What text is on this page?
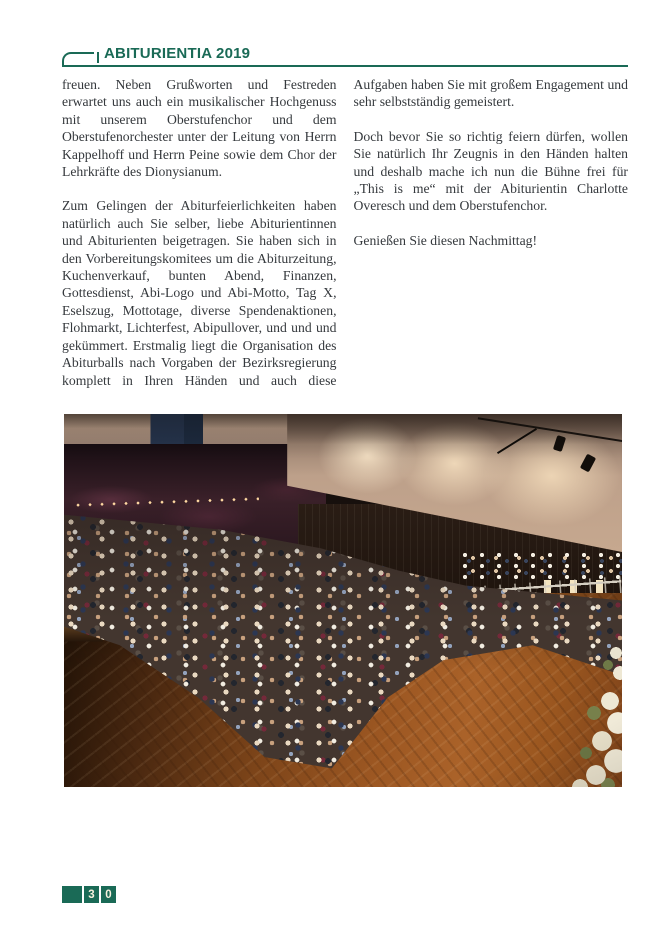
ABITURIENTIA 2019

freuen. Neben Grußworten und Festreden erwartet uns auch ein musikalischer Hochgenuss mit unserem Oberstufenchor und dem Oberstufenorchester unter der Leitung von Herrn Kappelhoff und Herrn Peine sowie dem Chor der Lehrkräfte des Dionysianum.

Zum Gelingen der Abiturfeierlichkeiten haben natürlich auch Sie selber, liebe Abiturientinnen und Abiturienten beigetragen. Sie haben sich in den Vorbereitungskomitees um die Abiturzeitung, Kuchenverkauf, bunten Abend, Finanzen, Gottesdienst, Abi-Logo und Abi-Motto, Tag X, Eselszug, Mottotage, diverse Spendenaktionen, Flohmarkt, Lichterfest, Abipullover, und und und gekümmert. Erstmalig liegt die Organisation des Abiturballs nach Vorgaben der Bezirksregierung komplett in Ihren Händen und auch diese Aufgaben haben Sie mit großem Engagement und sehr selbstständig gemeistert.

Doch bevor Sie so richtig feiern dürfen, wollen Sie natürlich Ihr Zeugnis in den Händen halten und deshalb mache ich nun die Bühne frei für „This is me“ mit der Abiturientin Charlotte Overesch und dem Oberstufenchor.

Genießen Sie diesen Nachmittag!

3 0
